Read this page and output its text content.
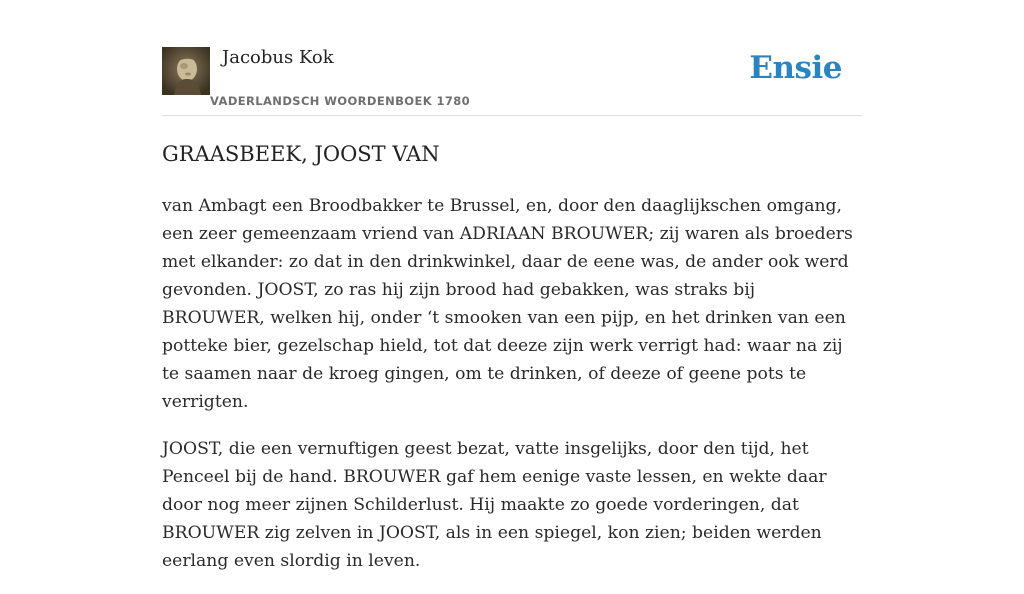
Jacobus Kok
VADERLANDSCH WOORDENBOEK 1780
Ensie
GRAASBEEK, JOOST VAN

van Ambagt een Broodbakker te Brussel, en, door den daaglijkschen omgang, een zeer gemeenzaam vriend van ADRIAAN BROUWER; zij waren als broeders met elkander: zo dat in den drinkwinkel, daar de eene was, de ander ook werd gevonden. JOOST, zo ras hij zijn brood had gebakken, was straks bij BROUWER, welken hij, onder ‘t smooken van een pijp, en het drinken van een potteke bier, gezelschap hield, tot dat deeze zijn werk verrigt had: waar na zij te saamen naar de kroeg gingen, om te drinken, of deeze of geene pots te verrigten.

JOOST, die een vernuftigen geest bezat, vatte insgelijks, door den tijd, het Penceel bij de hand. BROUWER gaf hem eenige vaste lessen, en wekte daar door nog meer zijnen Schilderlust. Hij maakte zo goede vorderingen, dat BROUWER zig zelven in JOOST, als in een spiegel, kon zien; beiden werden eerlang even slordig in leven.
